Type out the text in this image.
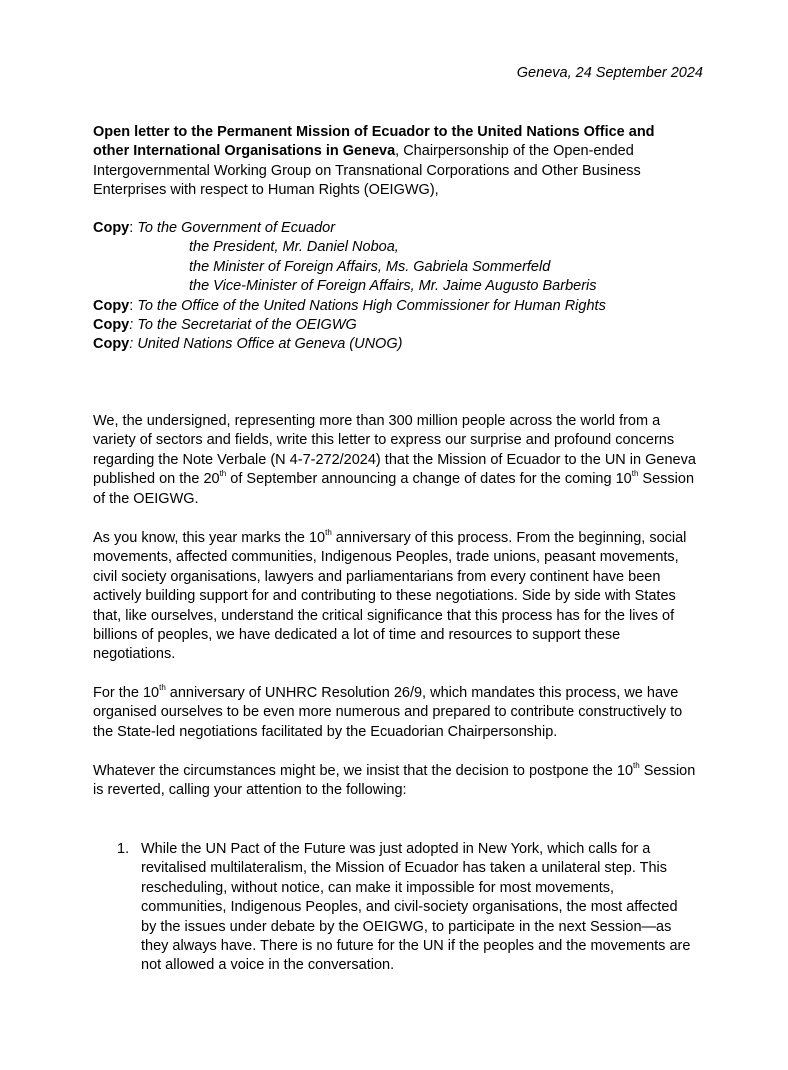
Geneva, 24 September 2024
Open letter to the Permanent Mission of Ecuador to the United Nations Office and other International Organisations in Geneva, Chairpersonship of the Open-ended Intergovernmental Working Group on Transnational Corporations and Other Business Enterprises with respect to Human Rights (OEIGWG),
Copy: To the Government of Ecuador
the President, Mr. Daniel Noboa,
the Minister of Foreign Affairs, Ms. Gabriela Sommerfeld
the Vice-Minister of Foreign Affairs, Mr. Jaime Augusto Barberis
Copy: To the Office of the United Nations High Commissioner for Human Rights
Copy: To the Secretariat of the OEIGWG
Copy: United Nations Office at Geneva (UNOG)

We, the undersigned, representing more than 300 million people across the world from a variety of sectors and fields, write this letter to express our surprise and profound concerns regarding the Note Verbale (N 4-7-272/2024) that the Mission of Ecuador to the UN in Geneva published on the 20th of September announcing a change of dates for the coming 10th Session of the OEIGWG.

As you know, this year marks the 10th anniversary of this process. From the beginning, social movements, affected communities, Indigenous Peoples, trade unions, peasant movements, civil society organisations, lawyers and parliamentarians from every continent have been actively building support for and contributing to these negotiations. Side by side with States that, like ourselves, understand the critical significance that this process has for the lives of billions of peoples, we have dedicated a lot of time and resources to support these negotiations.

For the 10th anniversary of UNHRC Resolution 26/9, which mandates this process, we have organised ourselves to be even more numerous and prepared to contribute constructively to the State-led negotiations facilitated by the Ecuadorian Chairpersonship.

Whatever the circumstances might be, we insist that the decision to postpone the 10th Session is reverted, calling your attention to the following:

1. While the UN Pact of the Future was just adopted in New York, which calls for a revitalised multilateralism, the Mission of Ecuador has taken a unilateral step. This rescheduling, without notice, can make it impossible for most movements, communities, Indigenous Peoples, and civil-society organisations, the most affected by the issues under debate by the OEIGWG, to participate in the next Session—as they always have. There is no future for the UN if the peoples and the movements are not allowed a voice in the conversation.
